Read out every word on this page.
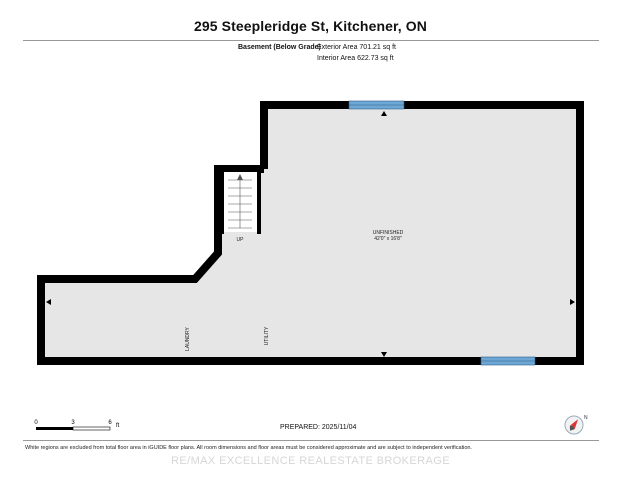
295 Steepleridge St, Kitchener, ON
Basement (Below Grade)
Exterior Area 701.21 sq ft
Interior Area 622.73 sq ft
UNFINISHED
42'0" x 16'8"
UP
LAUNDRY	UTILITY
0	3	6 ft	PREPARED: 2025/11/04
N
White regions are excluded from total floor area in iGUIDE floor plans. All room dimensions and floor areas must be considered approximate and are subject to independent verification.
RE/MAX EXCELLENCE REALESTATE BROKERAGE
